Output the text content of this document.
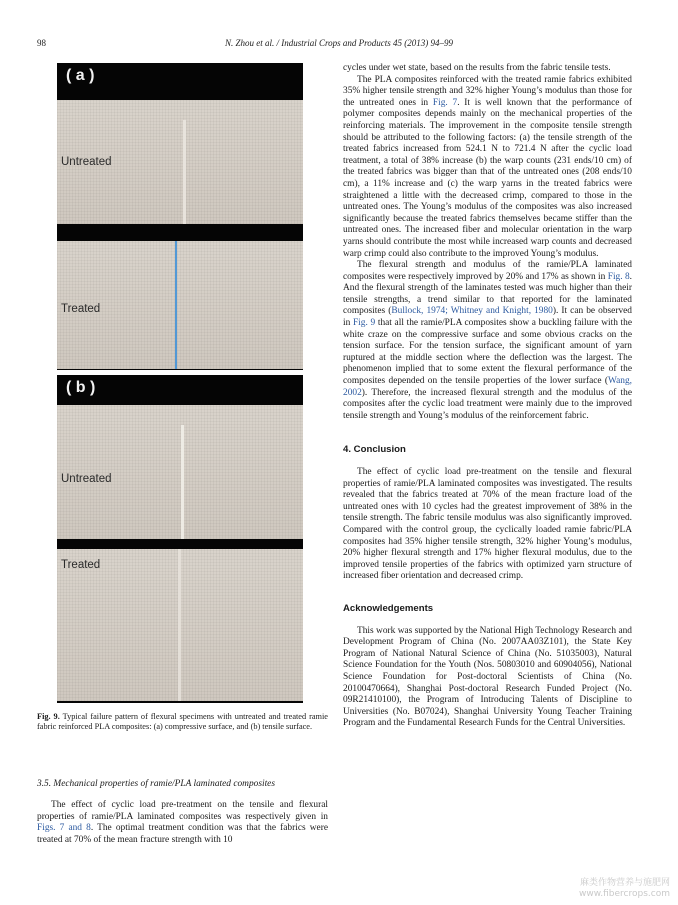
98	N. Zhou et al. / Industrial Crops and Products 45 (2013) 94–99
( a )
Untreated
Treated
( b )
Untreated
Treated
Fig. 9. Typical failure pattern of flexural specimens with untreated and treated ramie fabric reinforced PLA composites: (a) compressive surface, and (b) tensile surface.
3.5. Mechanical properties of ramie/PLA laminated composites

The effect of cyclic load pre-treatment on the tensile and flexural properties of ramie/PLA laminated composites was respectively given in Figs. 7 and 8. The optimal treatment condition was that the fabrics were treated at 70% of the mean fracture strength with 10

cycles under wet state, based on the results from the fabric tensile tests.

The PLA composites reinforced with the treated ramie fabrics exhibited 35% higher tensile strength and 32% higher Young’s modulus than those for the untreated ones in Fig. 7. It is well known that the performance of polymer composites depends mainly on the mechanical properties of the reinforcing materials. The improvement in the composite tensile strength should be attributed to the following factors: (a) the tensile strength of the treated fabrics increased from 524.1 N to 721.4 N after the cyclic load treatment, a total of 38% increase (b) the warp counts (231 ends/10 cm) of the treated fabrics was bigger than that of the untreated ones (208 ends/10 cm), a 11% increase and (c) the warp yarns in the treated fabrics were straightened a little with the decreased crimp, compared to those in the untreated ones. The Young’s modulus of the composites was also increased significantly because the treated fabrics themselves became stiffer than the untreated ones. The increased fiber and molecular orientation in the warp yarns should contribute the most while increased warp counts and decreased warp crimp could also contribute to the improved Young’s modulus.

The flexural strength and modulus of the ramie/PLA laminated composites were respectively improved by 20% and 17% as shown in Fig. 8. And the flexural strength of the laminates tested was much higher than their tensile strengths, a trend similar to that reported for the laminated composites (Bullock, 1974; Whitney and Knight, 1980). It can be observed in Fig. 9 that all the ramie/PLA composites show a buckling failure with the white craze on the compressive surface and some obvious cracks on the tension surface. For the tension surface, the significant amount of yarn ruptured at the middle section where the deflection was the largest. The phenomenon implied that to some extent the flexural performance of the composites depended on the tensile properties of the lower surface (Wang, 2002). Therefore, the increased flexural strength and the modulus of the composites after the cyclic load treatment were mainly due to the improved tensile strength and Young’s modulus of the reinforcement fabric.

4. Conclusion

The effect of cyclic load pre-treatment on the tensile and flexural properties of ramie/PLA laminated composites was investigated. The results revealed that the fabrics treated at 70% of the mean fracture load of the untreated ones with 10 cycles had the greatest improvement of 38% in the tensile strength. The fabric tensile modulus was also significantly improved. Compared with the control group, the cyclically loaded ramie fabric/PLA composites had 35% higher tensile strength, 32% higher Young’s modulus, 20% higher flexural strength and 17% higher flexural modulus, due to the improved tensile properties of the fabrics with optimized yarn structure of increased fiber orientation and decreased crimp.

Acknowledgements

This work was supported by the National High Technology Research and Development Program of China (No. 2007AA03Z101), the State Key Program of National Natural Science of China (No. 51035003), Natural Science Foundation for the Youth (Nos. 50803010 and 60904056), National Science Foundation for Post-doctoral Scientists of China (No. 20100470664), Shanghai Post-doctoral Research Funded Project (No. 09R21410100), the Program of Introducing Talents of Discipline to Universities (No. B07024), Shanghai University Young Teacher Training Program and the Fundamental Research Funds for the Central Universities.

麻类作物营养与施肥网
www.fibercrops.com
